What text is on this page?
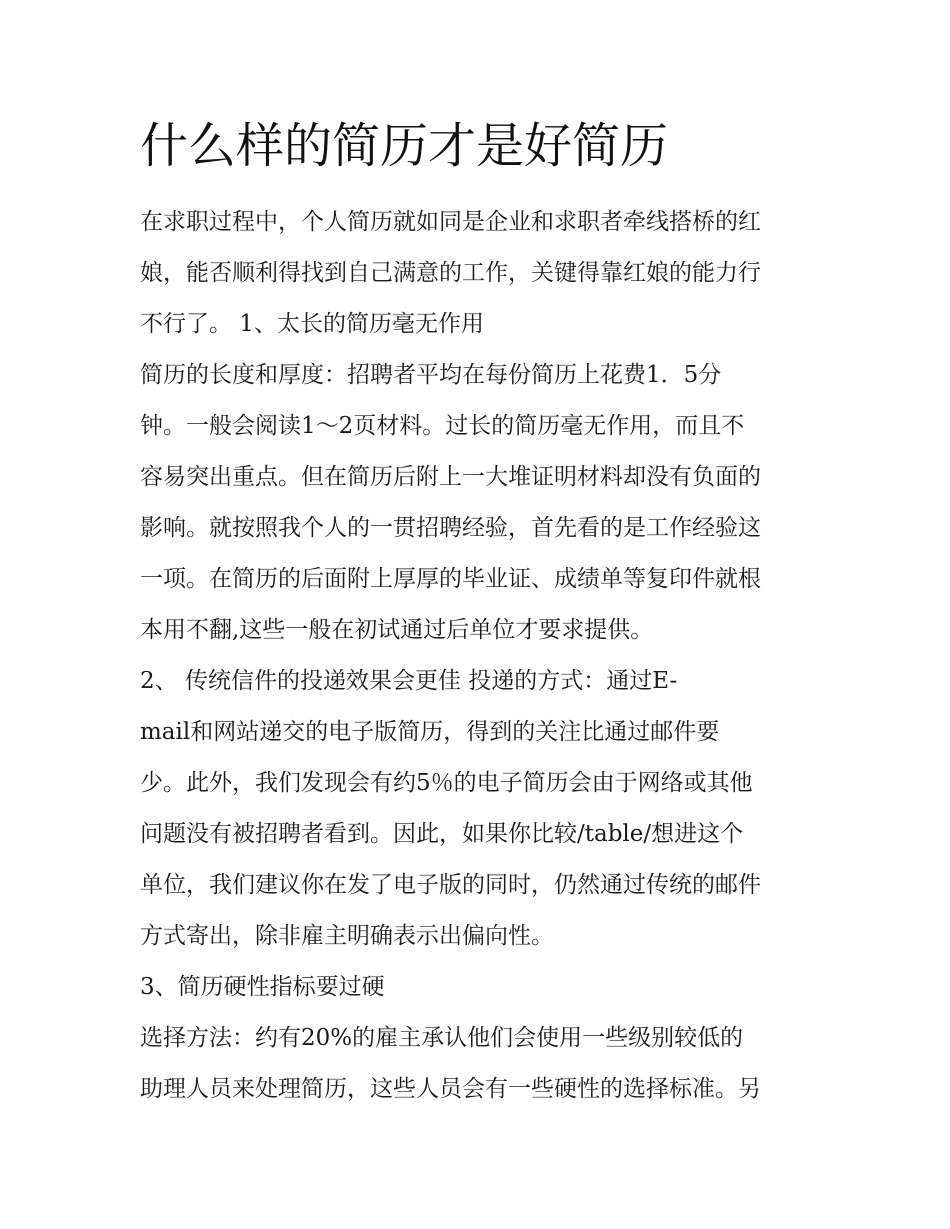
什么样的简历才是好简历

在求职过程中，个人简历就如同是企业和求职者牵线搭桥的红

娘，能否顺利得找到自己满意的工作，关键得靠红娘的能力行

不行了。 1、太长的简历毫无作用

简历的长度和厚度：招聘者平均在每份简历上花费1．5分

钟。一般会阅读1～2页材料。过长的简历毫无作用，而且不

容易突出重点。但在简历后附上一大堆证明材料却没有负面的

影响。就按照我个人的一贯招聘经验，首先看的是工作经验这

一项。在简历的后面附上厚厚的毕业证、成绩单等复印件就根

本用不翻,这些一般在初试通过后单位才要求提供。

2、 传统信件的投递效果会更佳 投递的方式：通过E-

mail和网站递交的电子版简历，得到的关注比通过邮件要

少。此外，我们发现会有约5％的电子简历会由于网络或其他

问题没有被招聘者看到。因此，如果你比较/table/想进这个

单位，我们建议你在发了电子版的同时，仍然通过传统的邮件

方式寄出，除非雇主明确表示出偏向性。

3、简历硬性指标要过硬

选择方法：约有20%的雇主承认他们会使用一些级别较低的

助理人员来处理简历，这些人员会有一些硬性的选择标准。另
